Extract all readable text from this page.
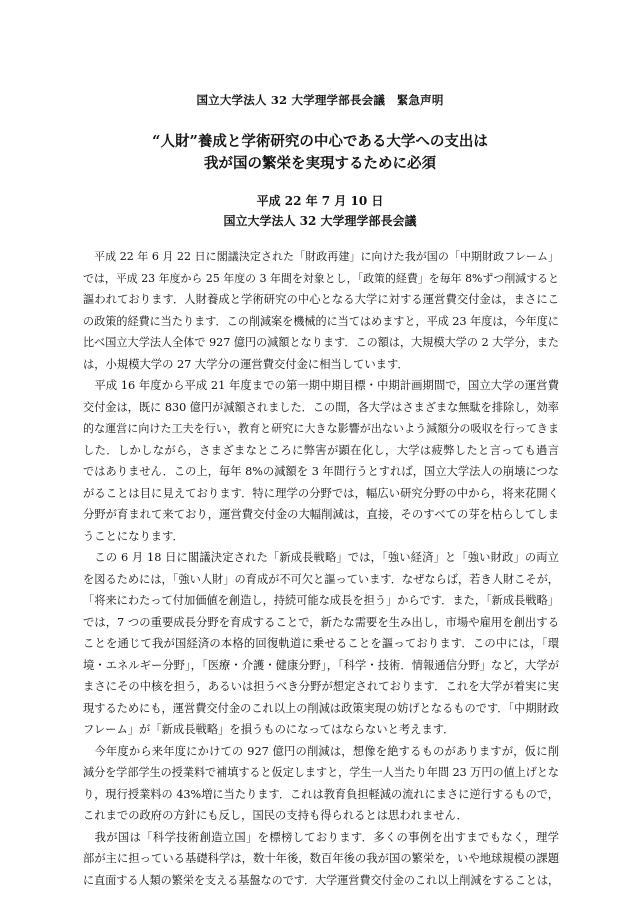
国立大学法人 32 大学理学部長会議　緊急声明
“人財”養成と学術研究の中心である大学への支出は
我が国の繁栄を実現するために必須
平成 22 年 7 月 10 日
国立大学法人 32 大学理学部長会議
　平成 22 年 6 月 22 日に閣議決定された「財政再建」に向けた我が国の「中期財政フレーム」
では，平成 23 年度から 25 年度の 3 年間を対象とし，「政策的経費」を毎年 8%ずつ削減すると
謳われております．人財養成と学術研究の中心となる大学に対する運営費交付金は，まさにこ
の政策的経費に当たります．この削減案を機械的に当てはめますと，平成 23 年度は，今年度に
比べ国立大学法人全体で 927 億円の減額となります．この額は，大規模大学の 2 大学分，また
は，小規模大学の 27 大学分の運営費交付金に相当しています．
　平成 16 年度から平成 21 年度までの第一期中期目標・中期計画期間で，国立大学の運営費
交付金は，既に 830 億円が減額されました．この間，各大学はさまざまな無駄を排除し，効率
的な運営に向けた工夫を行い，教育と研究に大きな影響が出ないよう減額分の吸収を行ってきま
した．しかしながら，さまざまなところに弊害が顕在化し，大学は疲弊したと言っても過言
ではありません．この上，毎年 8%の減額を 3 年間行うとすれば，国立大学法人の崩壊につな
がることは目に見えております．特に理学の分野では，幅広い研究分野の中から，将来花開く
分野が育まれて来ており，運営費交付金の大幅削減は，直接，そのすべての芽を枯らしてしま
うことになります．
　この 6 月 18 日に閣議決定された「新成長戦略」では，「強い経済」と「強い財政」の両立
を図るためには，「強い人財」の育成が不可欠と謳っています．なぜならば，若き人財こそが，
「将来にわたって付加価値を創造し，持続可能な成長を担う」からです．また，「新成長戦略」
では，7 つの重要成長分野を育成することで，新たな需要を生み出し，市場や雇用を創出する
ことを通じて我が国経済の本格的回復軌道に乗せることを謳っております．この中には，「環
境・エネルギー分野」，「医療・介護・健康分野」，「科学・技術．情報通信分野」など，大学が
まさにその中核を担う，あるいは担うべき分野が想定されております．これを大学が着実に実
現するためにも，運営費交付金のこれ以上の削減は政策実現の妨げとなるものです．「中期財政
フレーム」が「新成長戦略」を損うものになってはならないと考えます．
　今年度から来年度にかけての 927 億円の削減は，想像を絶するものがありますが，仮に削
減分を学部学生の授業料で補填すると仮定しますと，学生一人当たり年間 23 万円の値上げとな
り，現行授業料の 43%増に当たります．これは教育負担軽減の流れにまさに逆行するもので，
これまでの政府の方針にも反し，国民の支持も得られるとは思われません．
　我が国は「科学技術創造立国」を標榜しております．多くの事例を出すまでもなく，理学
部が主に担っている基礎科学は，数十年後，数百年後の我が国の繁栄を，いや地球規模の課題
に直面する人類の繁栄を支える基盤なのです．大学運営費交付金のこれ以上削減をすることは，
